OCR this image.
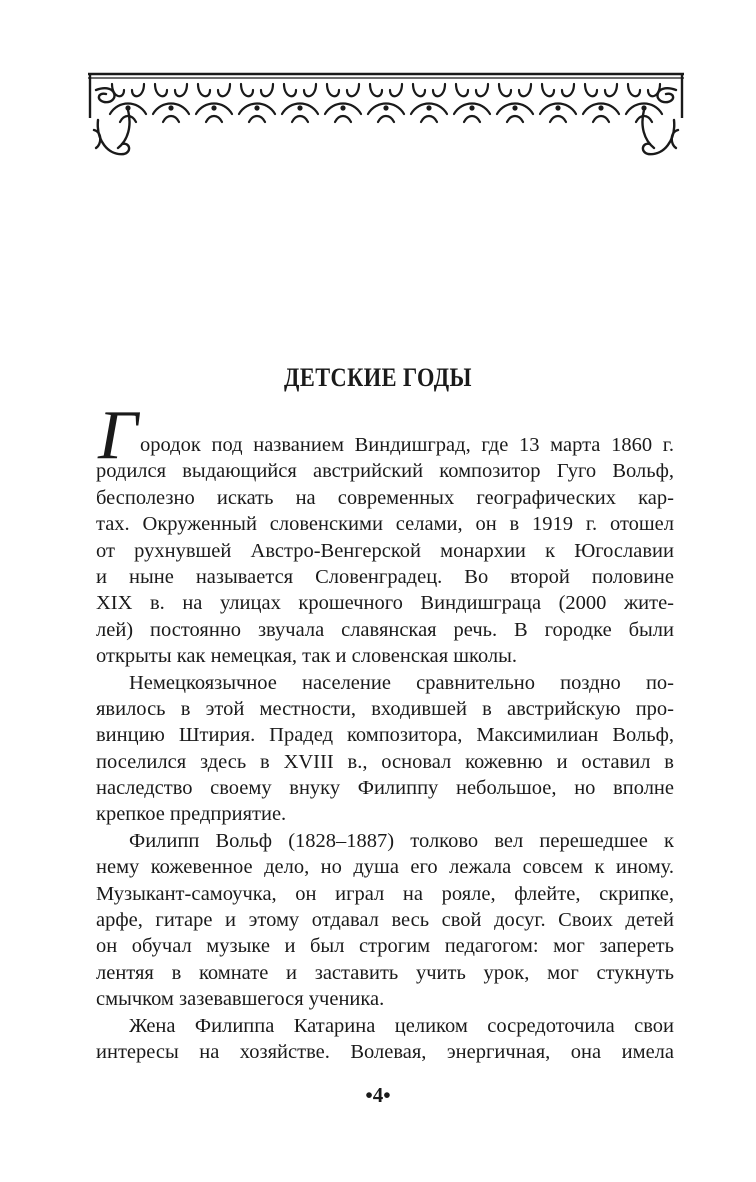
ДЕТСКИЕ ГОДЫ
Г ородок под названием Виндишград, где 13 марта 1860 г.
родился выдающийся австрийский композитор Гуго Вольф,
бесполезно искать на современных географических кар-
тах. Окруженный словенскими селами, он в 1919 г. отошел
от рухнувшей Австро-Венгерской монархии к Югославии
и ныне называется Словенградец. Во второй половине
XIX в. на улицах крошечного Виндишграца (2000 жите-
лей) постоянно звучала славянская речь. В городке были
открыты как немецкая, так и словенская школы.
Немецкоязычное население сравнительно поздно по-
явилось в этой местности, входившей в австрийскую про-
винцию Штирия. Прадед композитора, Максимилиан Вольф,
поселился здесь в XVIII в., основал кожевню и оставил в
наследство своему внуку Филиппу небольшое, но вполне
крепкое предприятие.
Филипп Вольф (1828–1887) толково вел перешедшее к
нему кожевенное дело, но душа его лежала совсем к иному.
Музыкант-самоучка, он играл на рояле, флейте, скрипке,
арфе, гитаре и этому отдавал весь свой досуг. Своих детей
он обучал музыке и был строгим педагогом: мог запереть
лентяя в комнате и заставить учить урок, мог стукнуть
смычком зазевавшегося ученика.
Жена Филиппа Катарина целиком сосредоточила свои
интересы на хозяйстве. Волевая, энергичная, она имела
•4•
